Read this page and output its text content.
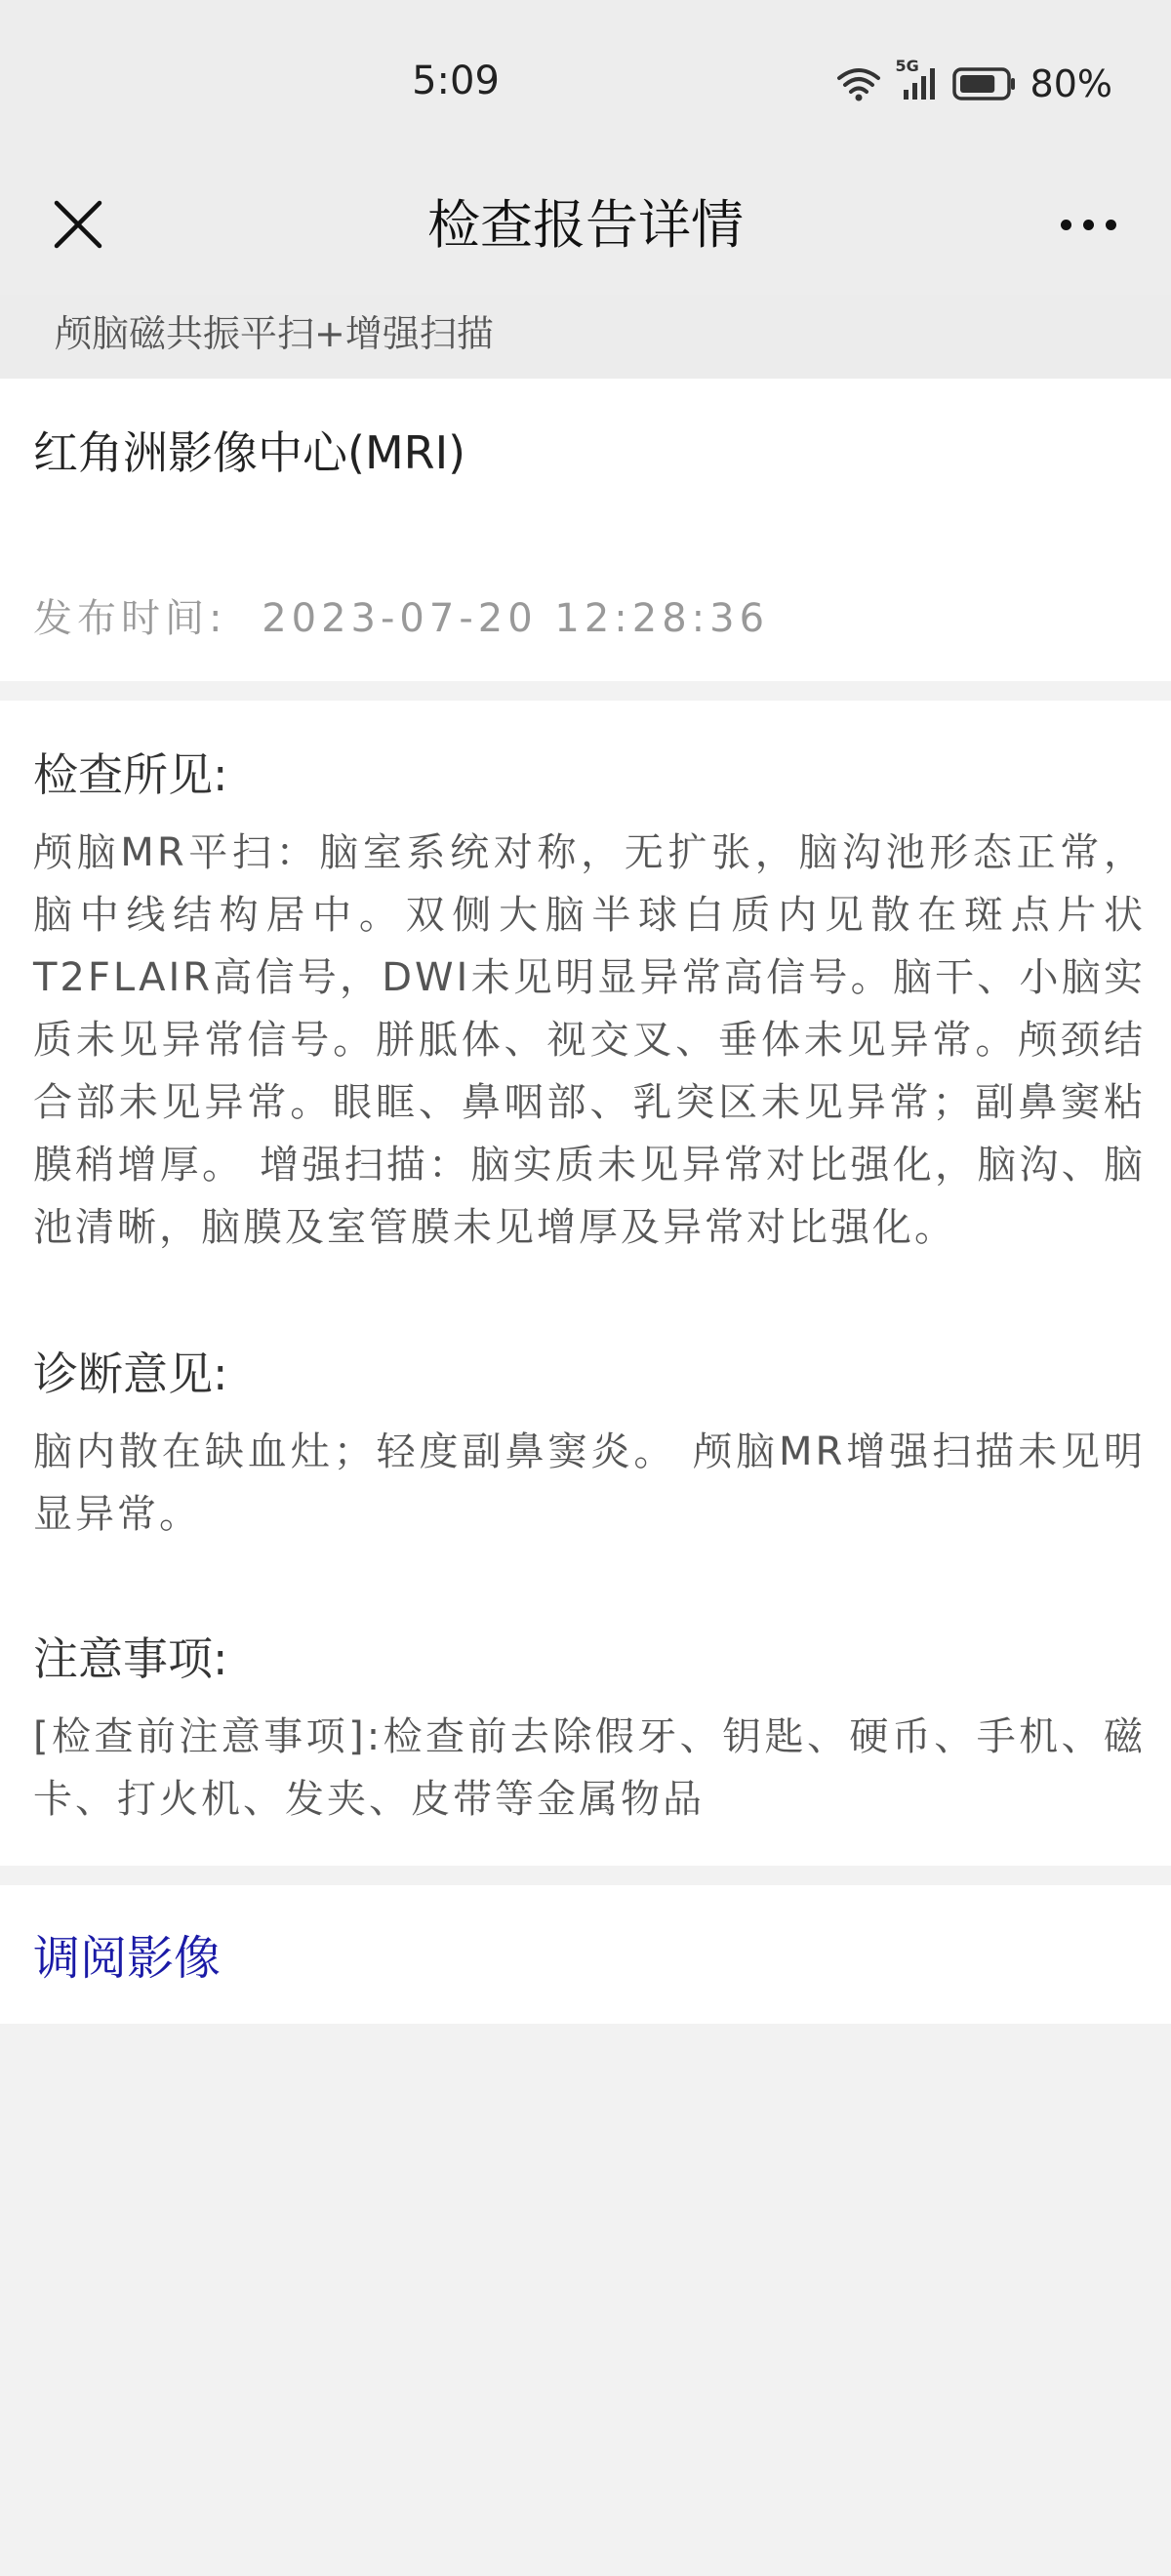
5:09	5G	80%
检查报告详情
颅脑磁共振平扫+增强扫描
红角洲影像中心(MRI)
发布时间: 2023-07-20 12:28:36
检查所见:
颅脑MR平扫：脑室系统对称，无扩张，脑沟池形态正常，脑中线结构居中。双侧大脑半球白质内见散在斑点片状T2FLAIR高信号，DWI未见明显异常高信号。脑干、小脑实质未见异常信号。胼胝体、视交叉、垂体未见异常。颅颈结合部未见异常。眼眶、鼻咽部、乳突区未见异常；副鼻窦粘膜稍增厚。 增强扫描：脑实质未见异常对比强化，脑沟、脑池清晰，脑膜及室管膜未见增厚及异常对比强化。
诊断意见:
脑内散在缺血灶；轻度副鼻窦炎。 颅脑MR增强扫描未见明显异常。
注意事项:
[检查前注意事项]:检查前去除假牙、钥匙、硬币、手机、磁卡、打火机、发夹、皮带等金属物品
调阅影像
